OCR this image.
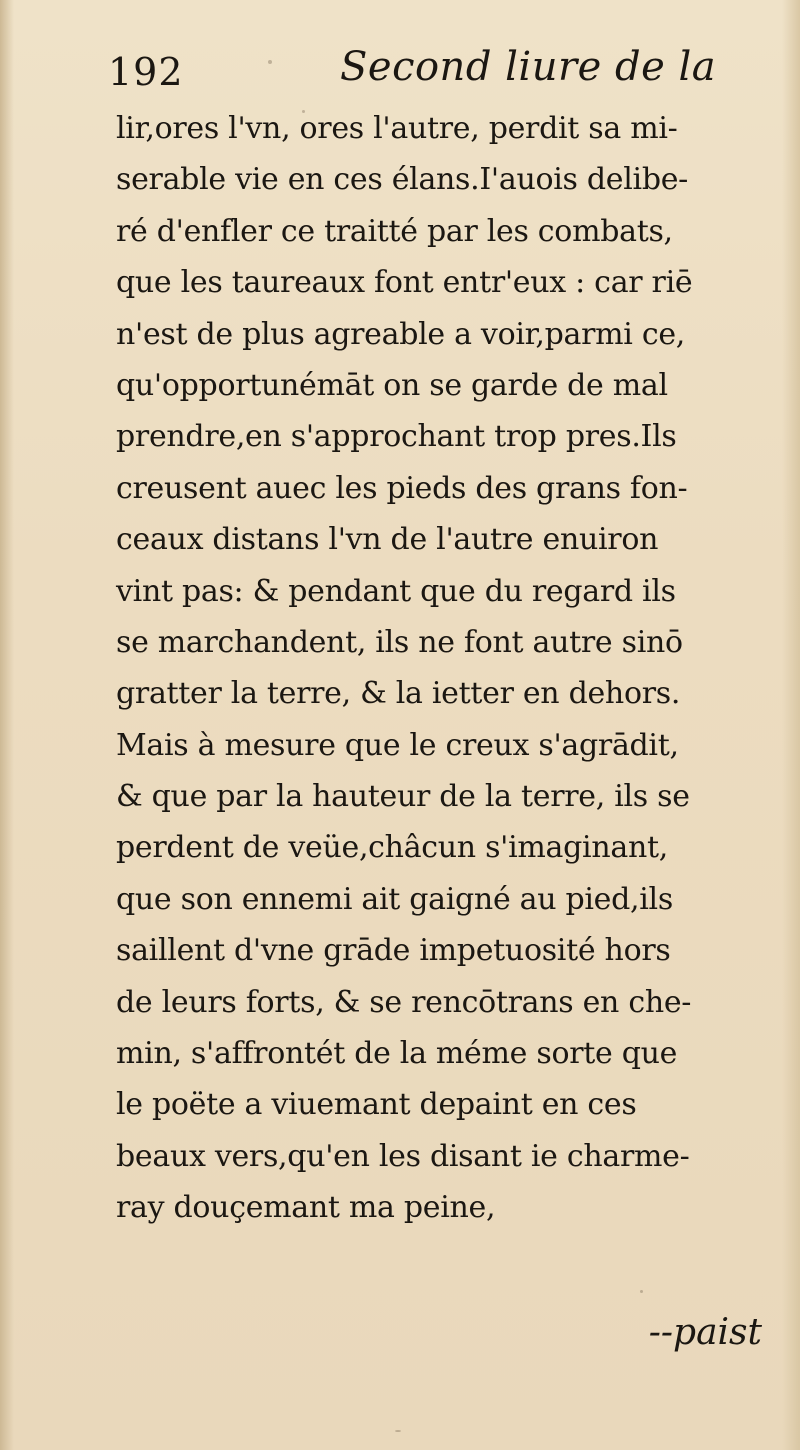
192	Second liure de la
lir,ores l'vn, ores l'autre, perdit sa mi-
serable vie en ces élans.I'auois delibe-
ré d'enfler ce traitté par les combats,
que les taureaux font entr'eux : car riē
n'est de plus agreable a voir,parmi ce,
qu'opportunémāt on se garde de mal
prendre,en s'approchant trop pres.Ils
creusent auec les pieds des grans fon-
ceaux distans l'vn de l'autre enuiron
vint pas: & pendant que du regard ils
se marchandent, ils ne font autre sinō
gratter la terre, & la ietter en dehors.
Mais à mesure que le creux s'agrādit,
& que par la hauteur de la terre, ils se
perdent de veüe,châcun s'imaginant,
que son ennemi ait gaigné au pied,ils
saillent d'vne grāde impetuosité hors
de leurs forts, & se rencōtrans en che-
min, s'affrontét de la méme sorte que
le poëte a viuemant depaint en ces
beaux vers,qu'en les disant ie charme-
ray douçemant ma peine,
--paist
